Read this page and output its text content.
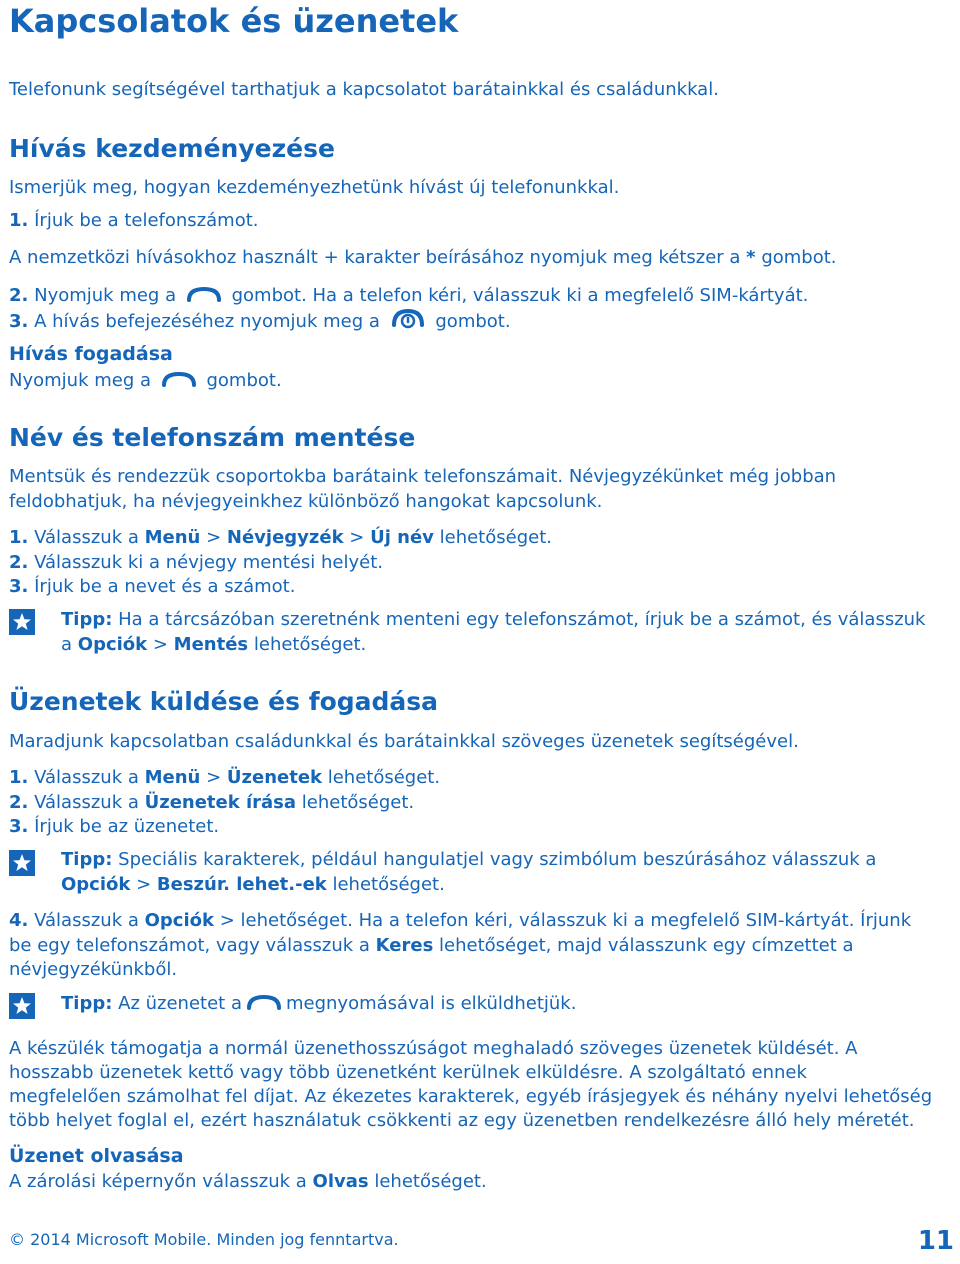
Kapcsolatok és üzenetek
Telefonunk segítségével tarthatjuk a kapcsolatot barátainkkal és családunkkal.
Hívás kezdeményezése
Ismerjük meg, hogyan kezdeményezhetünk hívást új telefonunkkal.
1. Írjuk be a telefonszámot.
A nemzetközi hívásokhoz használt + karakter beírásához nyomjuk meg kétszer a * gombot.
2. Nyomjuk meg a	gombot. Ha a telefon kéri, válasszuk ki a megfelelő SIM-kártyát.
3. A hívás befejezéséhez nyomjuk meg a	gombot.
Hívás fogadása
Nyomjuk meg a	gombot.
Név és telefonszám mentése
Mentsük és rendezzük csoportokba barátaink telefonszámait. Névjegyzékünket még jobban
feldobhatjuk, ha névjegyeinkhez különböző hangokat kapcsolunk.
1. Válasszuk a Menü > Névjegyzék > Új név lehetőséget.
2. Válasszuk ki a névjegy mentési helyét.
3. Írjuk be a nevet és a számot.
Tipp: Ha a tárcsázóban szeretnénk menteni egy telefonszámot, írjuk be a számot, és válasszuk
a Opciók > Mentés lehetőséget.
Üzenetek küldése és fogadása
Maradjunk kapcsolatban családunkkal és barátainkkal szöveges üzenetek segítségével.
1. Válasszuk a Menü > Üzenetek lehetőséget.
2. Válasszuk a Üzenetek írása lehetőséget.
3. Írjuk be az üzenetet.
Tipp: Speciális karakterek, például hangulatjel vagy szimbólum beszúrásához válasszuk a
Opciók > Beszúr. lehet.-ek lehetőséget.
4. Válasszuk a Opciók > lehetőséget. Ha a telefon kéri, válasszuk ki a megfelelő SIM-kártyát. Írjunk
be egy telefonszámot, vagy válasszuk a Keres lehetőséget, majd válasszunk egy címzettet a
névjegyzékünkből.
Tipp: Az üzenetet a megnyomásával is elküldhetjük.
A készülék támogatja a normál üzenethosszúságot meghaladó szöveges üzenetek küldését. A
hosszabb üzenetek kettő vagy több üzenetként kerülnek elküldésre. A szolgáltató ennek
megfelelően számolhat fel díjat. Az ékezetes karakterek, egyéb írásjegyek és néhány nyelvi lehetőség
több helyet foglal el, ezért használatuk csökkenti az egy üzenetben rendelkezésre álló hely méretét.
Üzenet olvasása
A zárolási képernyőn válasszuk a Olvas lehetőséget.
© 2014 Microsoft Mobile. Minden jog fenntartva.	11
